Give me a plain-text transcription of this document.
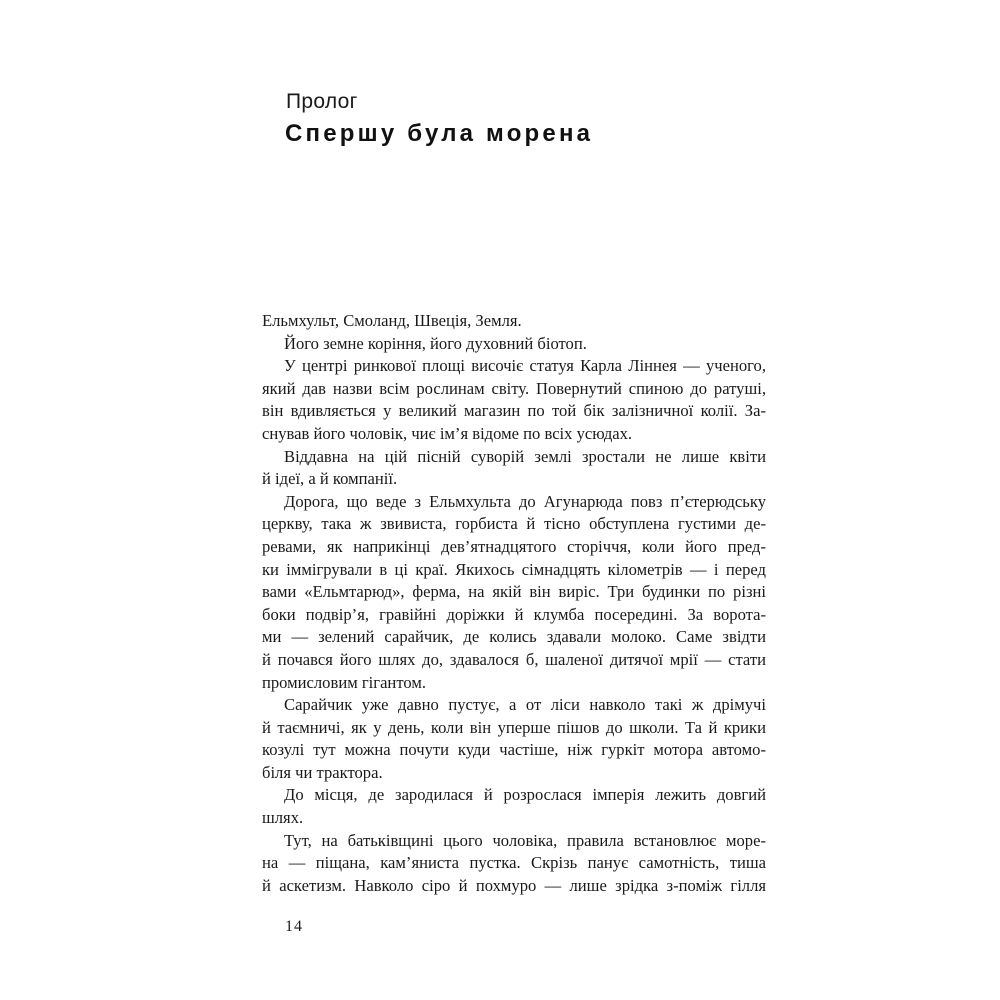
Пролог
Спершу була морена
Ельмхульт, Смоланд, Швеція, Земля.
Його земне коріння, його духовний біотоп.
У центрі ринкової площі височіє статуя Карла Ліннея — ученого,
який дав назви всім рослинам світу. Повернутий спиною до ратуші,
він вдивляється у великий магазин по той бік залізничної колії. За-
снував його чоловік, чиє ім’я відоме по всіх усюдах.
Віддавна на цій пісній суворій землі зростали не лише квіти
й ідеї, а й компанії.
Дорога, що веде з Ельмхульта до Агунарюда повз п’єтерюдську
церкву, така ж звивиста, горбиста й тісно обступлена густими де-
ревами, як наприкінці дев’ятнадцятого сторіччя, коли його пред-
ки іммігрували в ці краї. Якихось сімнадцять кілометрів — і перед
вами «Ельмтарюд», ферма, на якій він виріс. Три будинки по різні
боки подвір’я, гравійні доріжки й клумба посередині. За ворота-
ми — зелений сарайчик, де колись здавали молоко. Саме звідти
й почався його шлях до, здавалося б, шаленої дитячої мрії — стати
промисловим гігантом.
Сарайчик уже давно пустує, а от ліси навколо такі ж дрімучі
й таємничі, як у день, коли він уперше пішов до школи. Та й крики
козулі тут можна почути куди частіше, ніж гуркіт мотора автомо-
біля чи трактора.
До місця, де зародилася й розрослася імперія лежить довгий
шлях.
Тут, на батьківщині цього чоловіка, правила встановлює море-
на — піщана, кам’яниста пустка. Скрізь панує самотність, тиша
й аскетизм. Навколо сіро й похмуро — лише зрідка з-поміж гілля
14
